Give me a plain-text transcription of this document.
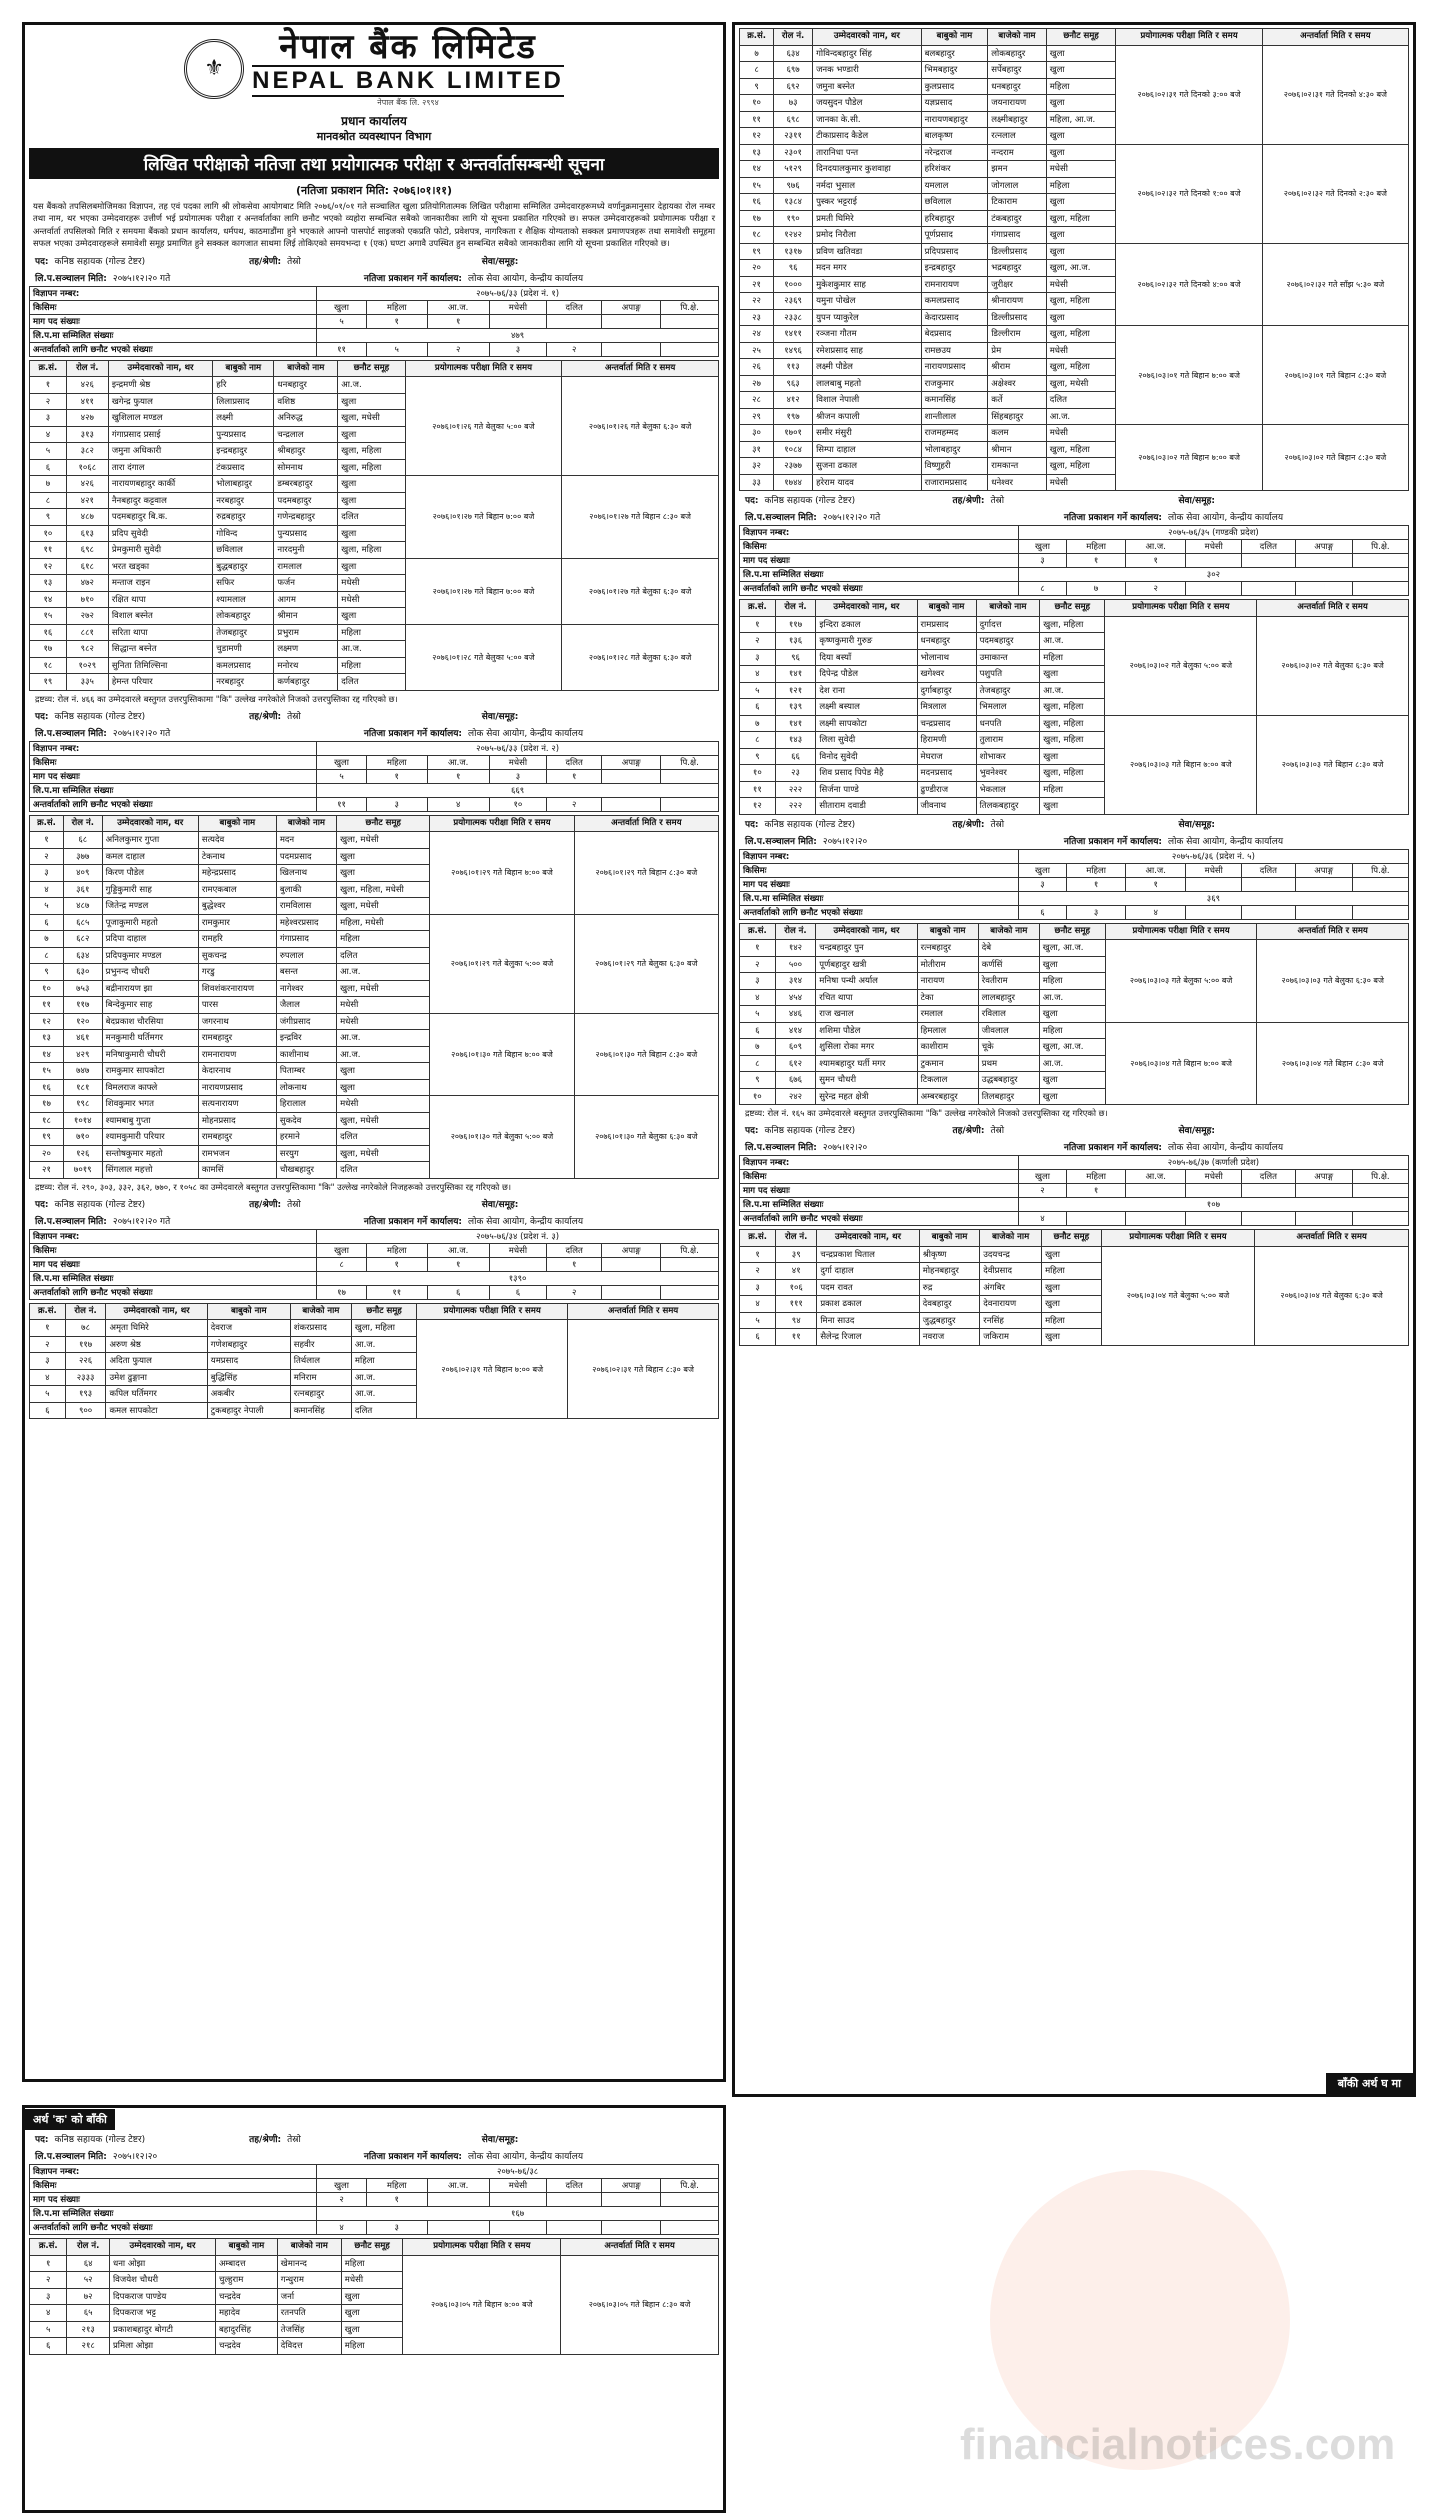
⚜
नेपाल बैंक लिमिटेड
NEPAL BANK LIMITED
नेपाल बैंक लि. २९९४
प्रधान कार्यालय
मानवश्रोत व्यवस्थापन विभाग
लिखित परीक्षाको नतिजा तथा प्रयोगात्मक परीक्षा र अन्तर्वार्तासम्बन्धी सूचना
(नतिजा प्रकाशन मिति: २०७६।०१।११)
यस बैंकको तपसिलबमोजिमका विज्ञापन, तह एवं पदका लागि श्री लोकसेवा आयोगबाट मिति २०७६/०१/०१ गते सञ्चालित खुला प्रतियोगितात्मक लिखित परीक्षामा सम्मिलित उम्मेदवारहरूमध्ये वर्णानुक्रमानुसार देहायका रोल नम्बर तथा नाम, थर भएका उम्मेदवारहरू उत्तीर्ण भई प्रयोगात्मक परीक्षा र अन्तर्वार्ताका लागि छनौट भएको व्यहोरा सम्बन्धित सबैको जानकारीका लागि यो सूचना प्रकाशित गरिएको छ। सफल उम्मेदवारहरूको प्रयोगात्मक परीक्षा र अन्तर्वार्ता तपसिलको मिति र समयमा बैंकको प्रधान कार्यालय, धर्मपथ, काठमाडौंमा हुने भएकाले आफ्नो पासपोर्ट साइजको एकप्रति फोटो, प्रवेशपत्र, नागरिकता र शैक्षिक योग्यताको सक्कल प्रमाणपत्रहरू तथा समावेशी समूहमा सफल भएका उम्मेदवारहरूले समावेशी समूह प्रमाणित हुने सक्कल कागजात साथमा लिई तोकिएको समयभन्दा १ (एक) घण्टा अगावै उपस्थित हुन सम्बन्धित सबैको जानकारीका लागि यो सूचना प्रकाशित गरिएको छ।
पद: कनिष्ठ सहायक (गोल्ड टेष्टर)	तह/श्रेणी: तेस्रो	सेवा/समूह:
लि.प.सञ्चालन मिति: २०७५।१२।२० गते	नतिजा प्रकाशन गर्ने कार्यालय: लोक सेवा आयोग, केन्द्रीय कार्यालय
विज्ञापन नम्बर:	२०७५-७६/३३ (प्रदेश नं. १)						
किसिमः	खुला	महिला	आ.ज.	मधेसी	दलित	अपाङ्ग	पि.क्षे.
माग पद संख्याः	५	१	१				
लि.प.मा सम्मिलित संख्याः	४७९						
अन्तर्वार्ताको लागि छनौट भएको संख्याः	११	५	२	३	२		
क्र.सं.	रोल नं.	उम्मेदवारको नाम, थर	बाबुको नाम	बाजेको नाम	छनौट समूह	प्रयोगात्मक परीक्षा मिति र समय	अन्तर्वार्ता मिति र समय
१	४२६	इन्द्रमणी श्रेष्ठ	हरि	धनबहादुर	आ.ज.	२०७६।०१।२६ गते बेलुका ५:०० बजे	२०७६।०१।२६ गते बेलुका ६:३० बजे
२	४११	खगेन्द्र फुयाल	लिलाप्रसाद	वशिष्ठ	खुला		
३	४२७	खुशिलाल मण्डल	लक्ष्मी	अनिरुद्ध	खुला, मधेसी		
४	३१३	गंगाप्रसाद प्रसाई	पुन्यप्रसाद	चन्द्रलाल	खुला		
५	३८२	जमुना अधिकारी	इन्द्रबहादुर	श्रीबहादुर	खुला, महिला		
६	१०६८	तारा दंगाल	टंकप्रसाद	सोमनाथ	खुला, महिला		
७	४२६	नारायणबहादुर कार्की	भोलाबहादुर	डम्बरबहादुर	खुला	२०७६।०१।२७ गते बिहान ७:०० बजे	२०७६।०१।२७ गते बिहान ८:३० बजे
८	४२१	नैनबहादुर कट्टवाल	नरबहादुर	पदमबहादुर	खुला		
९	४८७	पदमबहादुर बि.क.	रुद्रबहादुर	गणेन्द्रबहादुर	दलित		
१०	६१३	प्रदिप सुवेदी	गोविन्द	पुन्यप्रसाद	खुला		
११	६९८	प्रेमकुमारी सुवेदी	छविलाल	नारदमुनी	खुला, महिला		
१२	६१८	भरत खड्का	बुद्धबहादुर	रामलाल	खुला	२०७६।०१।२७ गते बिहान ७:०० बजे	२०७६।०१।२७ गते बेलुका ६:३० बजे
१३	४७२	मन्ताज राइन	सफिर	फर्जन	मधेसी		
१४	७१०	रक्षित थापा	श्यामलाल	आगम	मधेसी		
१५	२७२	विशाल बस्नेत	लोकबहादुर	श्रीमान	खुला		
१६	८८१	सरिता थापा	तेजबहादुर	प्रभुराम	महिला	२०७६।०१।२८ गते बेलुका ५:०० बजे	२०७६।०१।२८ गते बेलुका ६:३० बजे
१७	९८२	सिद्धान्त बस्नेत	चुडामणी	लक्ष्मण	आ.ज.		
१८	१०२९	सुनिता तिमिल्सिना	कमलप्रसाद	मनोरथ	महिला		
१९	३३५	हेमन्त परियार	नरबहादुर	कर्णबहादुर	दलित		
द्रष्टव्य: रोल नं. ४६६ का उम्मेदवारले बस्तुगत उत्तरपुस्तिकामा "कि" उल्लेख नगरेकोले निजको उत्तरपुस्तिका रद्द गरिएको छ।
पद: कनिष्ठ सहायक (गोल्ड टेष्टर)	तह/श्रेणी: तेस्रो	सेवा/समूह:
लि.प.सञ्चालन मिति: २०७५।१२।२० गते	नतिजा प्रकाशन गर्ने कार्यालय: लोक सेवा आयोग, केन्द्रीय कार्यालय
विज्ञापन नम्बर:	२०७५-७६/३३ (प्रदेश नं. २)						
किसिमः	खुला	महिला	आ.ज.	मधेसी	दलित	अपाङ्ग	पि.क्षे.
माग पद संख्याः	५	१	१	३	१		
लि.प.मा सम्मिलित संख्याः	६६९						
अन्तर्वार्ताको लागि छनौट भएको संख्याः	११	३	४	१०	२		
क्र.सं.	रोल नं.	उम्मेदवारको नाम, थर	बाबुको नाम	बाजेको नाम	छनौट समूह	प्रयोगात्मक परीक्षा मिति र समय	अन्तर्वार्ता मिति र समय
१	६८	अनिलकुमार गुप्ता	सत्यदेव	मदन	खुला, मधेसी	२०७६।०१।२९ गते बिहान ७:०० बजे	२०७६।०१।२९ गते बिहान ८:३० बजे
२	३७७	कमल दाहाल	टेकनाथ	पदमप्रसाद	खुला		
३	४०९	किरण पौडेल	महेन्द्रप्रसाद	खिलनाथ	खुला		
४	३६१	गुड्डिकुमारी साह	रामएकबाल	बुलाकी	खुला, महिला, मधेसी		
५	४८७	जितेन्द्र मण्डल	बुद्धेश्वर	रामविलास	खुला, मधेसी		
६	६८५	पूजाकुमारी महतो	रामकुमार	महेश्वरप्रसाद	महिला, मधेसी	२०७६।०१।२९ गते बेलुका ५:०० बजे	२०७६।०१।२९ गते बेलुका ६:३० बजे
७	६८२	प्रदिपा दाहाल	रामहरि	गंगाप्रसाद	महिला		
८	६३४	प्रदिपकुमार मण्डल	सुकचन्द्र	रुपलाल	दलित		
९	६३०	प्रभुनन्द चौधरी	गरडु	बसन्त	आ.ज.		
१०	७५३	बद्रीनारायण झा	शिवशंकरनारायण	नागेश्वर	खुला, मधेसी		
११	११७	बिन्देकुमार साह	पारस	जैलाल	मधेसी		
१२	१२०	बेदप्रकाश चौरसिया	जगरनाथ	जंगीप्रसाद	मधेसी	२०७६।०१।३० गते बिहान ७:०० बजे	२०७६।०१।३० गते बिहान ८:३० बजे
१३	४६१	मनकुमारी घर्तिमगर	रामबहादुर	इन्द्रविर	आ.ज.		
१४	४२९	मनिषाकुमारी चौधरी	रामनारायण	काशीनाथ	आ.ज.		
१५	७४७	रामकुमार सापकोटा	केदारनाथ	पिताम्बर	खुला		
१६	१८१	विमलराज काफ्ले	नारायणप्रसाद	लोकनाथ	खुला		
१७	१९८	शिवकुमार भगत	सत्यनारायण	हिरालाल	मधेसी	२०७६।०१।३० गते बेलुका ५:०० बजे	२०७६।०१।३० गते बेलुका ६:३० बजे
१८	१०१४	श्यामबाबु गुप्ता	मोहनप्रसाद	सुकदेव	खुला, मधेसी		
१९	७१०	श्यामकुमारी परियार	रामबहादुर	हरमाने	दलित		
२०	१२६	सन्तोषकुमार महतो	रामभजन	सरयुग	खुला, मधेसी		
२१	७०१९	सिंगलाल महत्तो	कामसिं	चौखबहादुर	दलित		
द्रष्टव्य: रोल नं. २९०, ३०३, ३३२, ३६२, ७७०, र १०५८ का उम्मेदवारले बस्तुगत उत्तरपुस्तिकामा "कि" उल्लेख नगरेकोले निजहरूको उत्तरपुस्तिका रद्द गरिएको छ।
पद: कनिष्ठ सहायक (गोल्ड टेष्टर)	तह/श्रेणी: तेस्रो	सेवा/समूह:
लि.प.सञ्चालन मिति: २०७५।१२।२० गते	नतिजा प्रकाशन गर्ने कार्यालय: लोक सेवा आयोग, केन्द्रीय कार्यालय
विज्ञापन नम्बर:	२०७५-७६/३४ (प्रदेश नं. ३)						
किसिमः	खुला	महिला	आ.ज.	मधेसी	दलित	अपाङ्ग	पि.क्षे.
माग पद संख्याः	८	१	१		१		
लि.प.मा सम्मिलित संख्याः	१३९०						
अन्तर्वार्ताको लागि छनौट भएको संख्याः	१७	११	६	६	२		
क्र.सं.	रोल नं.	उम्मेदवारको नाम, थर	बाबुको नाम	बाजेको नाम	छनौट समूह	प्रयोगात्मक परीक्षा मिति र समय	अन्तर्वार्ता मिति र समय
१	७८	अमृता घिमिरे	देवराज	शंकरप्रसाद	खुला, महिला	२०७६।०२।३१ गते बिहान ७:०० बजे	२०७६।०२।३१ गते बिहान ८:३० बजे
२	११७	अरुण श्रेष्ठ	गणेशबहादुर	सहवीर	आ.ज.		
३	२२६	अदिता फुयाल	यमप्रसाद	तिर्थलाल	महिला		
४	२३३३	उमेश ढुङ्गाना	बुद्धिसिंह	मनिराम	आ.ज.		
५	१९३	कपिल घर्तिमगर	अकबीर	रत्नबहादुर	आ.ज.		
६	९००	कमल सापकोटा	टुकबहादुर नेपाली	कमानसिंह	दलित		
क्र.सं.	रोल नं.	उम्मेदवारको नाम, थर	बाबुको नाम	बाजेको नाम	छनौट समूह	प्रयोगात्मक परीक्षा मिति र समय	अन्तर्वार्ता मिति र समय
७	६३४	गोविन्दबहादुर सिंह	बलबहादुर	लोकबहादुर	खुला	२०७६।०२।३१ गते दिनको ३:०० बजे	२०७६।०२।३१ गते दिनको ४:३० बजे
८	६९७	जनक भण्डारी	भिमबहादुर	सर्पेबहादुर	खुला		
९	६९२	जमुना बस्नेत	कुलप्रसाद	धनबहादुर	महिला		
१०	७३	जयसुदन पौडेल	यज्ञप्रसाद	जयनारायण	खुला		
११	६९८	जानका के.सी.	नारायणबहादुर	लक्ष्मीबहादुर	महिला, आ.ज.		
१२	२३११	टीकाप्रसाद कैडेल	बालकृष्ण	रत्नलाल	खुला		
१३	२३०१	तारानिधा पन्त	नरेन्द्रराज	नन्दराम	खुला	२०७६।०२।३२ गते दिनको १:०० बजे	२०७६।०२।३२ गते दिनको २:३० बजे
१४	५१२९	दिनदयालकुमार कुशवाहा	हरिशंकर	झमन	मधेसी		
१५	९७६	नर्मदा भुसाल	यमलाल	जोगलाल	महिला		
१६	१३८४	पुस्कर भट्टराई	छविलाल	टिकाराम	खुला		
१७	१९०	प्रमती घिमिरे	हरिबहादुर	टंकबहादुर	खुला, महिला		
१८	१२४२	प्रमोद निरौला	पूर्णप्रसाद	गंगाप्रसाद	खुला		
१९	१३१७	प्रविण खतिवडा	प्रदिपप्रसाद	डिल्लीप्रसाद	खुला	२०७६।०२।३२ गते दिनको ४:०० बजे	२०७६।०२।३२ गते साँझ ५:३० बजे
२०	९६	मदन मगर	इन्द्रबहादुर	भद्रबहादुर	खुला, आ.ज.		
२१	१०००	मुकेशकुमार साह	रामनारायण	जुरीक्षर	मधेसी		
२२	२३६९	यमुना पोखेल	कमलप्रसाद	श्रीनारायण	खुला, महिला		
२३	२३३८	युपन प्याकुरेल	केदारप्रसाद	डिल्लीप्रसाद	खुला		
२४	१४११	रञ्जना गौतम	बेदप्रसाद	डिल्लीराम	खुला, महिला	२०७६।०३।०१ गते बिहान ७:०० बजे	२०७६।०३।०१ गते बिहान ८:३० बजे
२५	१४९६	रमेशप्रसाद साह	रामछउय	प्रेम	मधेसी		
२६	११३	लक्ष्मी पौडेल	नारायणप्रसाद	श्रीराम	खुला, महिला		
२७	९६३	लालबाबु महतो	राजकुमार	अक्षेश्वर	खुला, मधेसी		
२८	४१२	विशाल नेपाली	कमानसिंह	कर्ते	दलित		
२९	१९७	श्रीजन कपाली	शान्तीलाल	सिंहबहादुर	आ.ज.		
३०	१७०१	समीर मंसुरी	राजमहम्मद	कलम	मधेसी	२०७६।०३।०२ गते बिहान ७:०० बजे	२०७६।०३।०२ गते बिहान ८:३० बजे
३१	१०८४	सिम्पा दाहाल	भोलाबहादुर	श्रीमान	खुला, महिला		
३२	२३७७	सुजना ढकाल	विष्णुहरी	रामकान्त	खुला, महिला		
३३	१७४४	हरेराम यादव	राजारामप्रसाद	धनेश्वर	मधेसी		
पद: कनिष्ठ सहायक (गोल्ड टेष्टर)	तह/श्रेणी: तेस्रो	सेवा/समूह:
लि.प.सञ्चालन मिति: २०७५।१२।२० गते	नतिजा प्रकाशन गर्ने कार्यालय: लोक सेवा आयोग, केन्द्रीय कार्यालय
विज्ञापन नम्बर:	२०७५-७६/३५ (गण्डकी प्रदेश)						
किसिमः	खुला	महिला	आ.ज.	मधेसी	दलित	अपाङ्ग	पि.क्षे.
माग पद संख्याः	३	१	१				
लि.प.मा सम्मिलित संख्याः	३०२						
अन्तर्वार्ताको लागि छनौट भएको संख्याः	८	७	२				
क्र.सं.	रोल नं.	उम्मेदवारको नाम, थर	बाबुको नाम	बाजेको नाम	छनौट समूह	प्रयोगात्मक परीक्षा मिति र समय	अन्तर्वार्ता मिति र समय
१	११७	इन्दिरा ढकाल	रामप्रसाद	दुर्गादत्त	खुला, महिला	२०७६।०३।०२ गते बेलुका ५:०० बजे	२०७६।०३।०२ गते बेलुका ६:३० बजे
२	१३६	कृष्णकुमारी गुरुङ	धनबहादुर	पदमबहादुर	आ.ज.		
३	९६	दिया बस्याँ	भोलानाथ	उमाकान्त	महिला		
४	१४१	दिपेन्द्र पौडेल	खगेश्वर	पशुपति	खुला		
५	१२१	देश राना	दुर्गाबहादुर	तेजबहादुर	आ.ज.		
६	१३९	लक्ष्मी बस्याल	मित्रलाल	भिमलाल	खुला, महिला		
७	१४१	लक्ष्मी सापकोटा	चन्द्रप्रसाद	धनपति	खुला, महिला	२०७६।०३।०३ गते बिहान ७:०० बजे	२०७६।०३।०३ गते बिहान ८:३० बजे
८	१४३	लिला सुवेदी	हिरामणी	तुलाराम	खुला, महिला		
९	६६	विनोद सुवेदी	मेघराज	शोभाकर	खुला		
१०	२३	शिव प्रसाद पिपेड मैहै	मदनप्रसाद	भुवनेश्वर	खुला, महिला		
११	२२२	सिर्जना पाण्डे	ढुण्डीराज	भेकलाल	महिला		
१२	२२२	सीताराम दवाडी	जीवनाथ	तिलकबहादुर	खुला		
पद: कनिष्ठ सहायक (गोल्ड टेष्टर)	तह/श्रेणी: तेस्रो	सेवा/समूह:
लि.प.सञ्चालन मिति: २०७५।१२।२०	नतिजा प्रकाशन गर्ने कार्यालय: लोक सेवा आयोग, केन्द्रीय कार्यालय
विज्ञापन नम्बर:	२०७५-७६/३६ (प्रदेश नं. ५)						
किसिमः	खुला	महिला	आ.ज.	मधेसी	दलित	अपाङ्ग	पि.क्षे.
माग पद संख्याः	३	१	१				
लि.प.मा सम्मिलित संख्याः	३६९						
अन्तर्वार्ताको लागि छनौट भएको संख्याः	६	३	४				
क्र.सं.	रोल नं.	उम्मेदवारको नाम, थर	बाबुको नाम	बाजेको नाम	छनौट समूह	प्रयोगात्मक परीक्षा मिति र समय	अन्तर्वार्ता मिति र समय
१	१४२	चन्द्रबहादुर पुन	रत्नबहादुर	देबे	खुला, आ.ज.	२०७६।०३।०३ गते बेलुका ५:०० बजे	२०७६।०३।०३ गते बेलुका ६:३० बजे
२	५००	पूर्णबहादुर खत्री	मोतीराम	कर्णसिं	खुला		
३	३१४	मनिषा पन्थी अर्याल	नारायण	रेवतीराम	महिला		
४	४५४	रचित थापा	टेका	लालबहादुर	आ.ज.		
५	४४६	राज खनाल	रमलाल	रविलाल	खुला		
६	४१४	शशिमा पौडेल	हिमलाल	जीवलाल	महिला	२०७६।०३।०४ गते बिहान ७:०० बजे	२०७६।०३।०४ गते बिहान ८:३० बजे
७	६०९	शुसिला रोका मगर	काशीराम	चूके	खुला, आ.ज.		
८	६१२	श्यामबहादुर घर्ती मगर	टुकमान	प्रथम	आ.ज.		
९	६७६	सुमन चौधरी	टिकलाल	उद्धबबहादुर	खुला		
१०	२४२	सुरेन्द्र महत क्षेत्री	अम्बरबहादुर	तिलबहादुर	खुला		
द्रष्टव्य: रोल नं. १६५ का उम्मेदवारले बस्तुगत उत्तरपुस्तिकामा "कि" उल्लेख नगरेकोले निजको उत्तरपुस्तिका रद्द गरिएको छ।
पद: कनिष्ठ सहायक (गोल्ड टेष्टर)	तह/श्रेणी: तेस्रो	सेवा/समूह:
लि.प.सञ्चालन मिति: २०७५।१२।२०	नतिजा प्रकाशन गर्ने कार्यालय: लोक सेवा आयोग, केन्द्रीय कार्यालय
विज्ञापन नम्बर:	२०७५-७६/३७ (कर्णाली प्रदेश)						
किसिमः	खुला	महिला	आ.ज.	मधेसी	दलित	अपाङ्ग	पि.क्षे.
माग पद संख्याः	२	१					
लि.प.मा सम्मिलित संख्याः	१०७						
अन्तर्वार्ताको लागि छनौट भएको संख्याः	४						
क्र.सं.	रोल नं.	उम्मेदवारको नाम, थर	बाबुको नाम	बाजेको नाम	छनौट समूह	प्रयोगात्मक परीक्षा मिति र समय	अन्तर्वार्ता मिति र समय
१	३९	चन्द्रप्रकाश घिताल	श्रीकृष्ण	उदयचन्द्र	खुला	२०७६।०३।०४ गते बेलुका ५:०० बजे	२०७६।०३।०४ गते बेलुका ६:३० बजे
२	४१	दुर्गा दाहाल	मोहनबहादुर	देवीप्रसाद	महिला		
३	१०६	पदम रावत	रुद्र	अंगबिर	खुला		
४	१११	प्रकाश ढकाल	देवबहादुर	देवनारायण	खुला		
५	९४	मिना साउद	जुद्धबहादुर	रनसिंह	महिला		
६	११	सैलेन्द्र रिजाल	नवराज	जकिराम	खुला		
बाँकी अर्थ घ मा
अर्थ 'क' को बाँकी
पद: कनिष्ठ सहायक (गोल्ड टेष्टर)	तह/श्रेणी: तेस्रो	सेवा/समूह:
लि.प.सञ्चालन मिति: २०७५।१२।२०	नतिजा प्रकाशन गर्ने कार्यालय: लोक सेवा आयोग, केन्द्रीय कार्यालय
विज्ञापन नम्बर:	२०७५-७६/३८						
किसिमः	खुला	महिला	आ.ज.	मधेसी	दलित	अपाङ्ग	पि.क्षे.
माग पद संख्याः	२	१					
लि.प.मा सम्मिलित संख्याः	१६७						
अन्तर्वार्ताको लागि छनौट भएको संख्याः	४	३					
क्र.सं.	रोल नं.	उम्मेदवारको नाम, थर	बाबुको नाम	बाजेको नाम	छनौट समूह	प्रयोगात्मक परीक्षा मिति र समय	अन्तर्वार्ता मिति र समय
१	६४	धना ओझा	अम्बादत्त	खेमानन्द	महिला	२०७६।०३।०५ गते बिहान ७:०० बजे	२०७६।०३।०५ गते बिहान ८:३० बजे
२	५२	विजयेश चौधरी	चुल्हुराम	गन्धुराम	मधेसी		
३	७२	दिपकराज पाण्डेय	चन्द्रदेव	जर्ना	खुला		
४	६५	दिपकराज भट्ट	महादेव	रतनपति	खुला		
५	२१३	प्रकाशबहादुर बोगटी	बहादुरसिंह	तेजसिंह	खुला		
६	२१८	प्रमिला ओझा	चन्द्रदेव	देविदत्त	महिला		
financialnotices.com
